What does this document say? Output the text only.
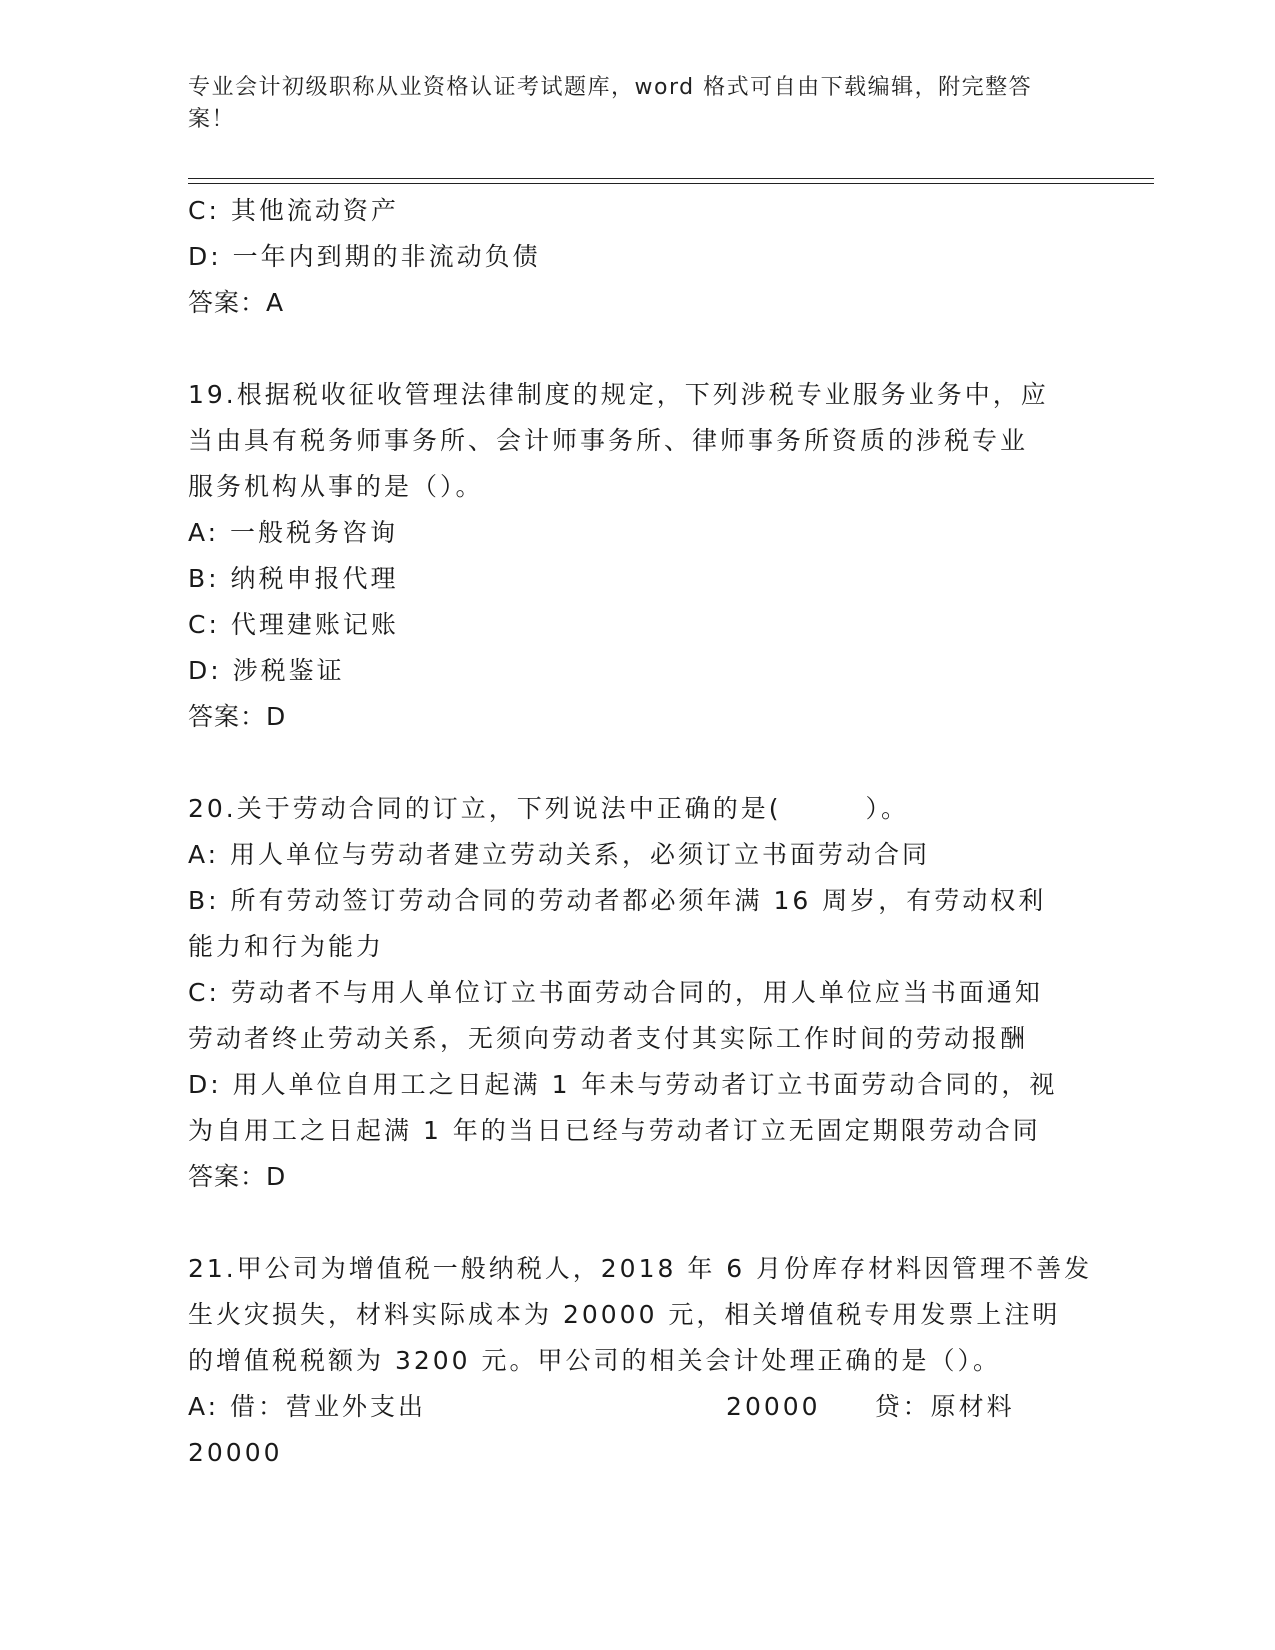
专业会计初级职称从业资格认证考试题库，word 格式可自由下载编辑，附完整答
案！
C: 其他流动资产
D: 一年内到期的非流动负债
答案：A
19.根据税收征收管理法律制度的规定，下列涉税专业服务业务中，应
当由具有税务师事务所、会计师事务所、律师事务所资质的涉税专业
服务机构从事的是（）。
A: 一般税务咨询
B: 纳税申报代理
C: 代理建账记账
D: 涉税鉴证
答案：D
20.关于劳动合同的订立，下列说法中正确的是(　　　）。
A: 用人单位与劳动者建立劳动关系，必须订立书面劳动合同
B: 所有劳动签订劳动合同的劳动者都必须年满 16 周岁，有劳动权利
能力和行为能力
C: 劳动者不与用人单位订立书面劳动合同的，用人单位应当书面通知
劳动者终止劳动关系，无须向劳动者支付其实际工作时间的劳动报酬
D: 用人单位自用工之日起满 1 年未与劳动者订立书面劳动合同的，视
为自用工之日起满 1 年的当日已经与劳动者订立无固定期限劳动合同
答案：D
21.甲公司为增值税一般纳税人，2018 年 6 月份库存材料因管理不善发
生火灾损失，材料实际成本为 20000 元，相关增值税专用发票上注明
的增值税税额为 3200 元。甲公司的相关会计处理正确的是（）。
A: 借：营业外支出	20000 贷：原材料
20000
